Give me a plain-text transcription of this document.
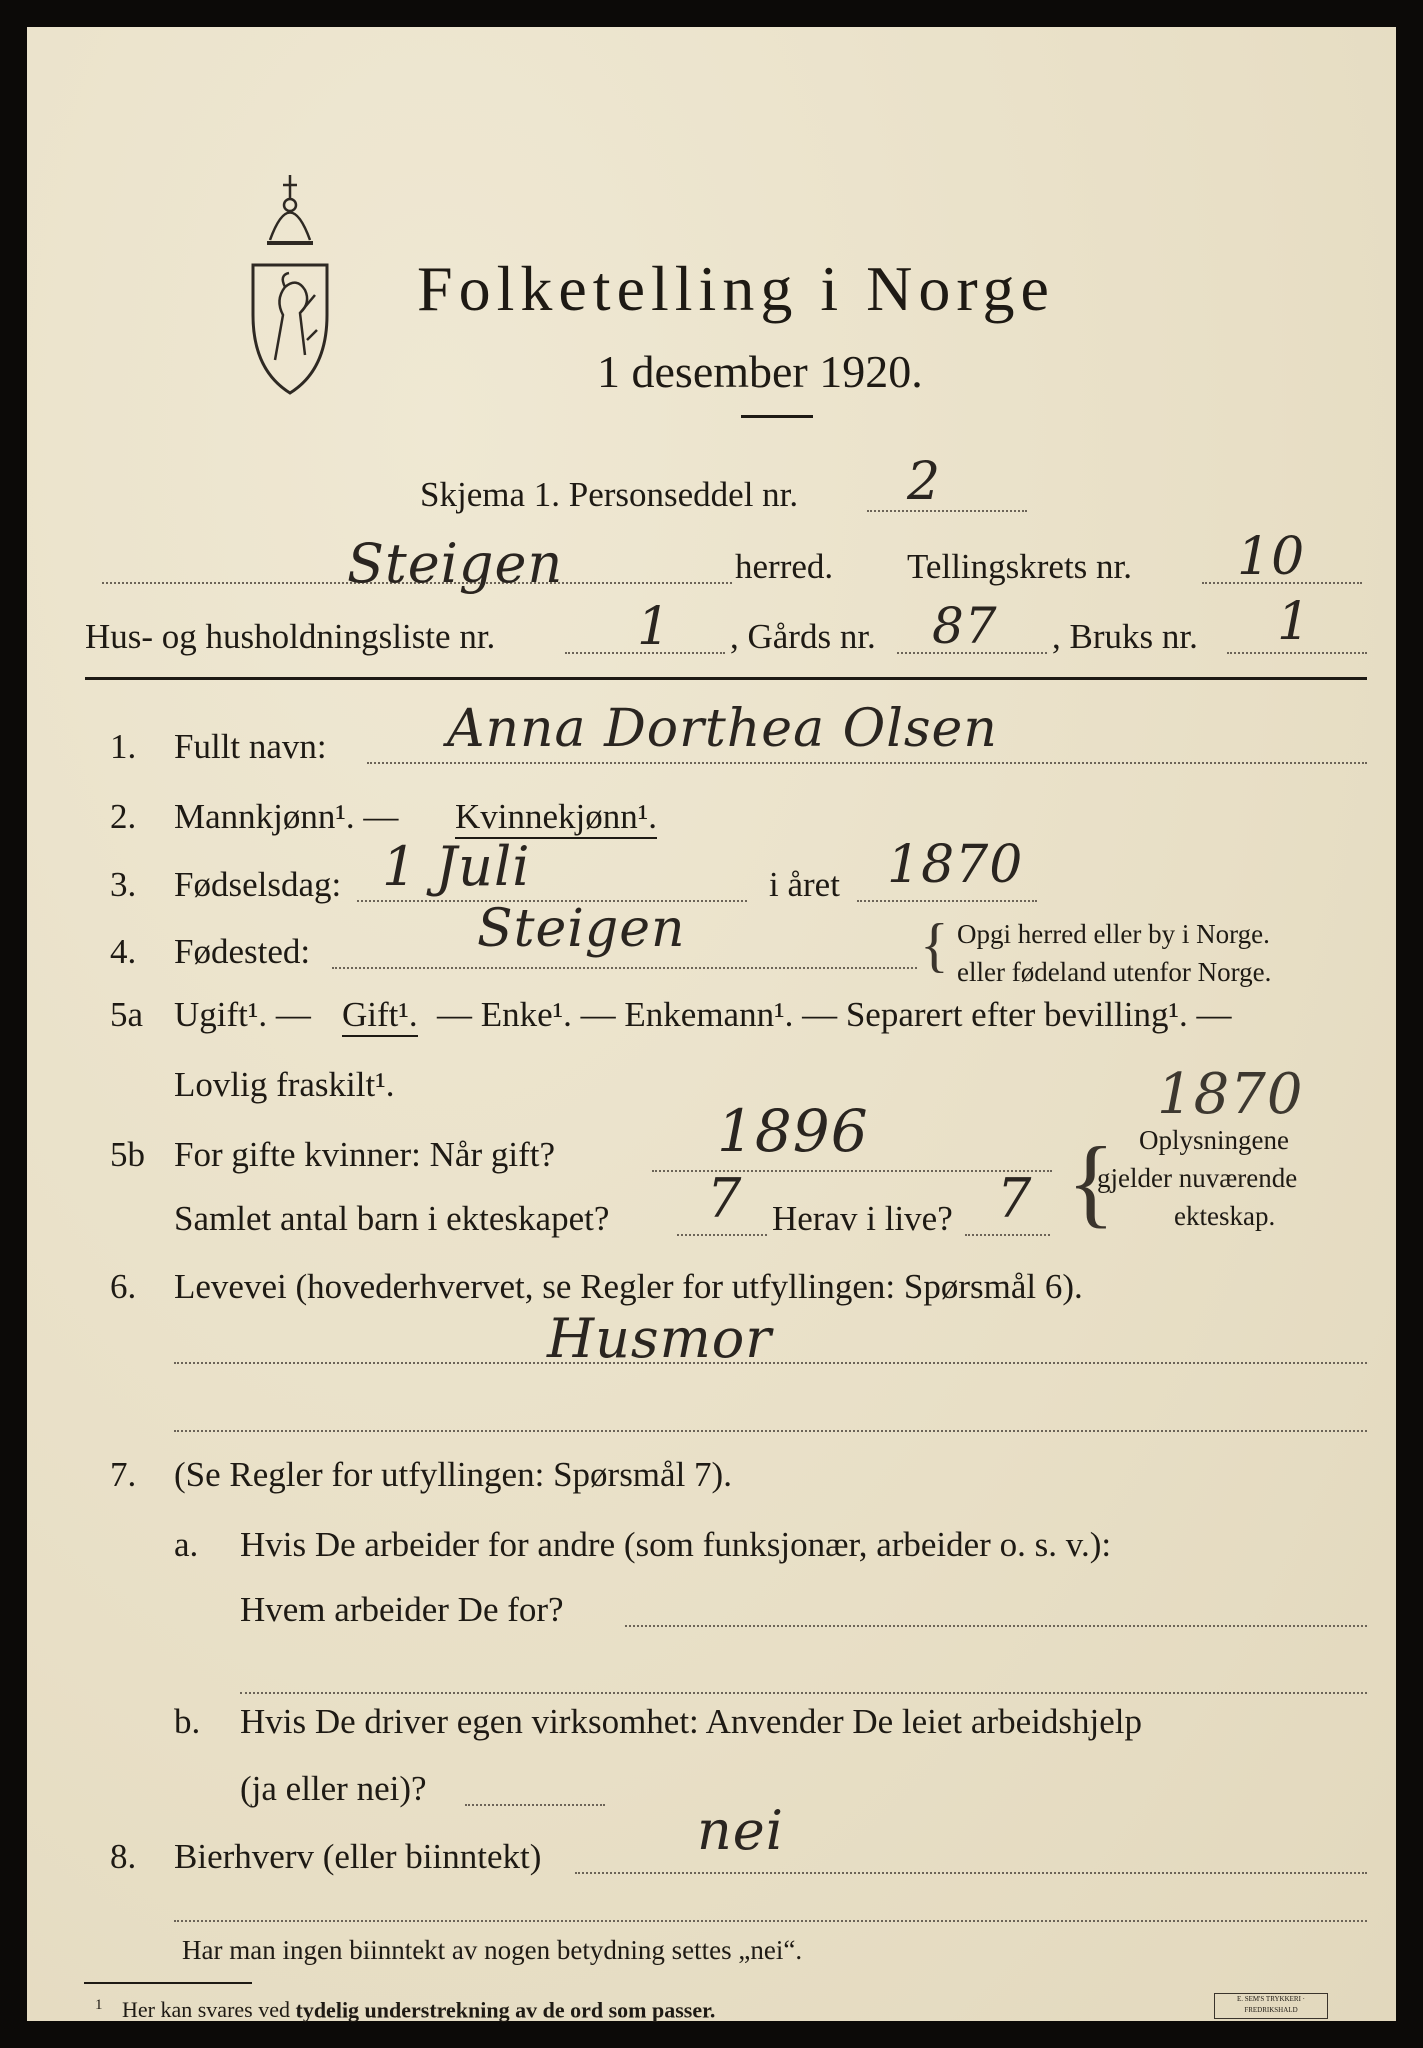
Folketelling i Norge
1 desember 1920.
Skjema 1. Personseddel nr. 2
Steigen	herred. Tellingskrets nr. 10
Hus- og husholdningsliste nr.	1 , Gårds nr. 87 , Bruks nr. 1
1. Fullt navn: Anna Dorthea Olsen
2. Mannkjønn¹. — Kvinnekjønn¹.
3. Fødselsdag: 1 Juli	i året 1870
4. Fødested:	Steigen	{ Opgi herred eller by i Norge.
eller fødeland utenfor Norge.
5a Ugift¹. — Gift¹. — Enke¹. — Enkemann¹. — Separert efter bevilling¹. —
Lovlig fraskilt¹.	1870
5b For gifte kvinner: Når gift?	1896
Samlet antal barn i ekteskapet? 7 Herav i live? 7 { Oplysningene
gjelder nuværende
ekteskap.
6. Levevei (hovederhvervet, se Regler for utfyllingen: Spørsmål 6).
Husmor
7. (Se Regler for utfyllingen: Spørsmål 7).
a. Hvis De arbeider for andre (som funksjonær, arbeider o. s. v.):
Hvem arbeider De for?
b. Hvis De driver egen virksomhet: Anvender De leiet arbeidshjelp
(ja eller nei)?
8. Bierhverv (eller biinntekt)	nei
Har man ingen biinntekt av nogen betydning settes „nei“.
$^1$ Her kan svares ved tydelig understrekning av de ord som passer.	E. SEM'S TRYKKERI · FREDRIKSHALD
